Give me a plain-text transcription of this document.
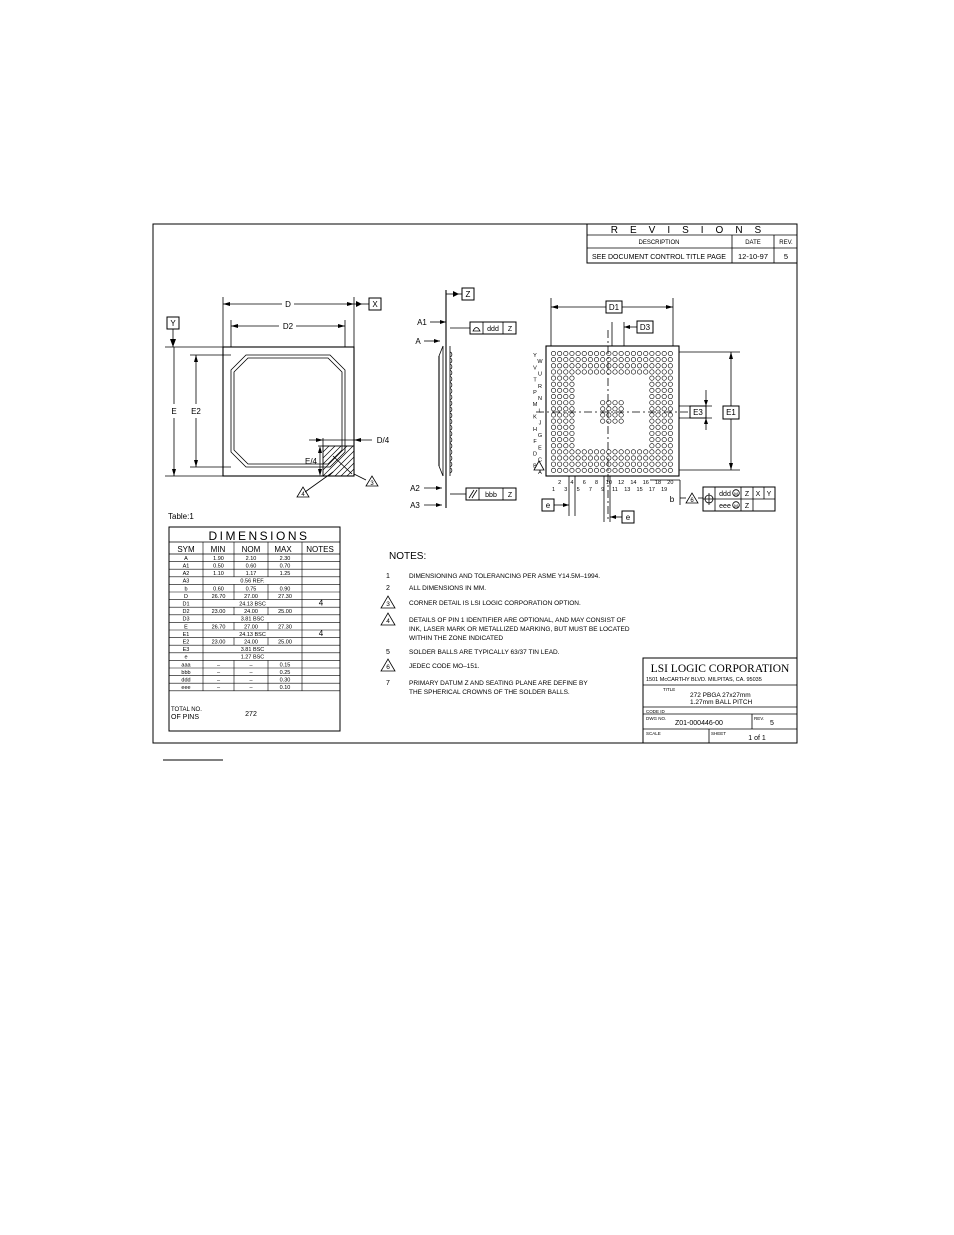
REVISIONS
DESCRIPTION	DATE	REV.
SEE DOCUMENT CONTROL TITLE PAGE 12-10-97 5
D	X
D2
Y
E E2
D/4
E/4
4
3
Z
A1
A
ddd Z
A2
A3
bbb Z
D1
D3
E1
E3
Y
W
V
U
T
R
P
N
M
L
K
J
H
G
F
E
D
C
B
A
1 3 5 7 9 11 13 15 17 19
2 4 6 8 10 12 14 16 18 20
e
e
b	6
ddd M Z X Y
eee M Z
Table:1
DIMENSIONS
SYM MIN NOM MAX NOTES
A	1.90	2.10	2.30
A1	0.50	0.60	0.70
A2	1.10	1.17	1.25
A3	0.56 REF.
b	0.60	0.75	0.90
D	26.70	27.00	27.30
D1	24.13 BSC	4
D2	23.00	24.00	25.00
D3	3.81 BSC
E	26.70	27.00	27.30
E1	24.13 BSC	4
E2	23.00	24.00	25.00
E3	3.81 BSC
e	1.27 BSC
aaa	–	–	0.15
bbb	–	–	0.25
ddd	–	–	0.30
eee	–	–	0.10
TOTAL NO.
OF PINS	272
NOTES:
1	DIMENSIONING AND TOLERANCING PER ASME Y14.5M–1994.
2	ALL DIMENSIONS IN MM.
3	CORNER DETAIL IS LSI LOGIC CORPORATION OPTION.
4	DETAILS OF PIN 1 IDENTIFIER ARE OPTIONAL, AND MAY CONSIST OF
INK, LASER MARK OR METALLIZED MARKING, BUT MUST BE LOCATED
WITHIN THE ZONE INDICATED
5	SOLDER BALLS ARE TYPICALLY 63/37 TIN LEAD.
6	JEDEC CODE MO–151.
7	PRIMARY DATUM Z AND SEATING PLANE ARE DEFINE BY
THE SPHERICAL CROWNS OF THE SOLDER BALLS.
LSI LOGIC CORPORATION
1501 McCARTHY BLVD. MILPITAS, CA. 95035
TITLE
272 PBGA 27x27mm
1.27mm BALL PITCH
CODE ID
DWG NO.
Z01-000446-00
REV.
5
SCALE	SHEET
1 of 1
